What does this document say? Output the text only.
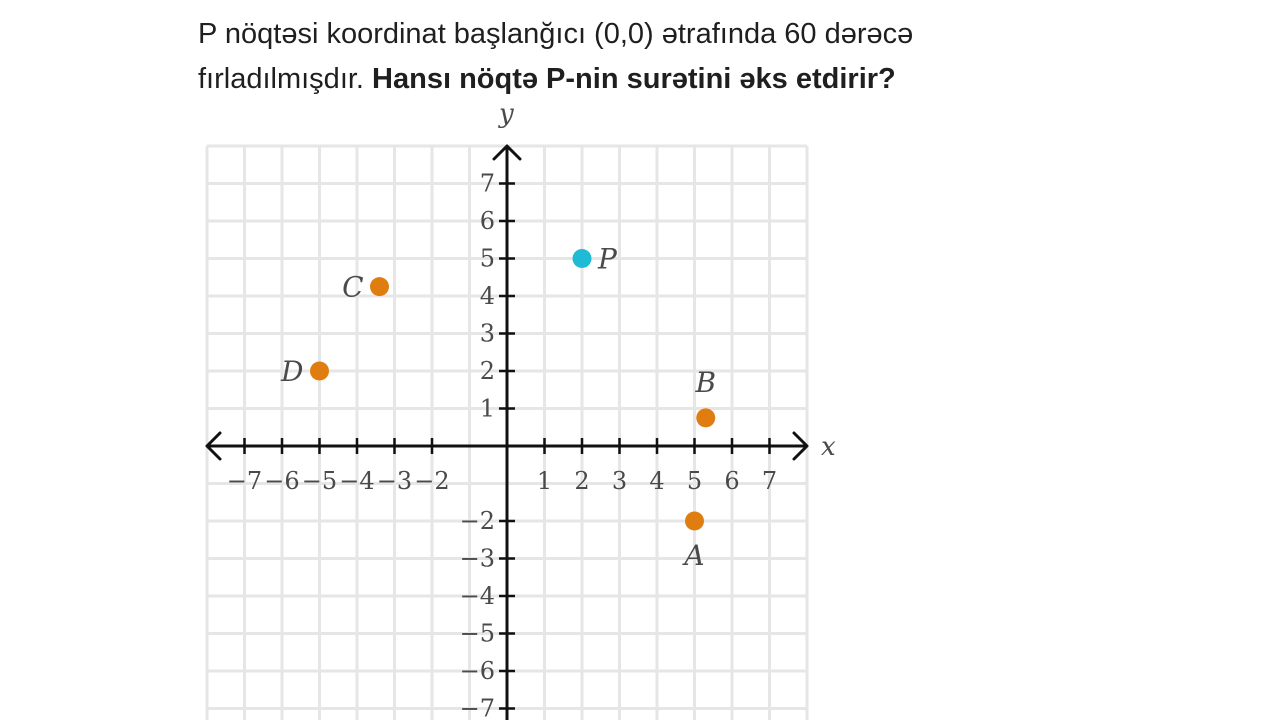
P nöqtəsi koordinat başlanğıcı (0,0) ətrafında 60 dərəcə
fırladılmışdır. Hansı nöqtə P-nin surətini əks etdirir?
x
y
−7 −6 −5 −4 −3 −2	1 2 3 4 5 6 7
−7
−6
−5
−4
−3
−2
1
2
3
4
5
6
7
P
C
D	B
A
